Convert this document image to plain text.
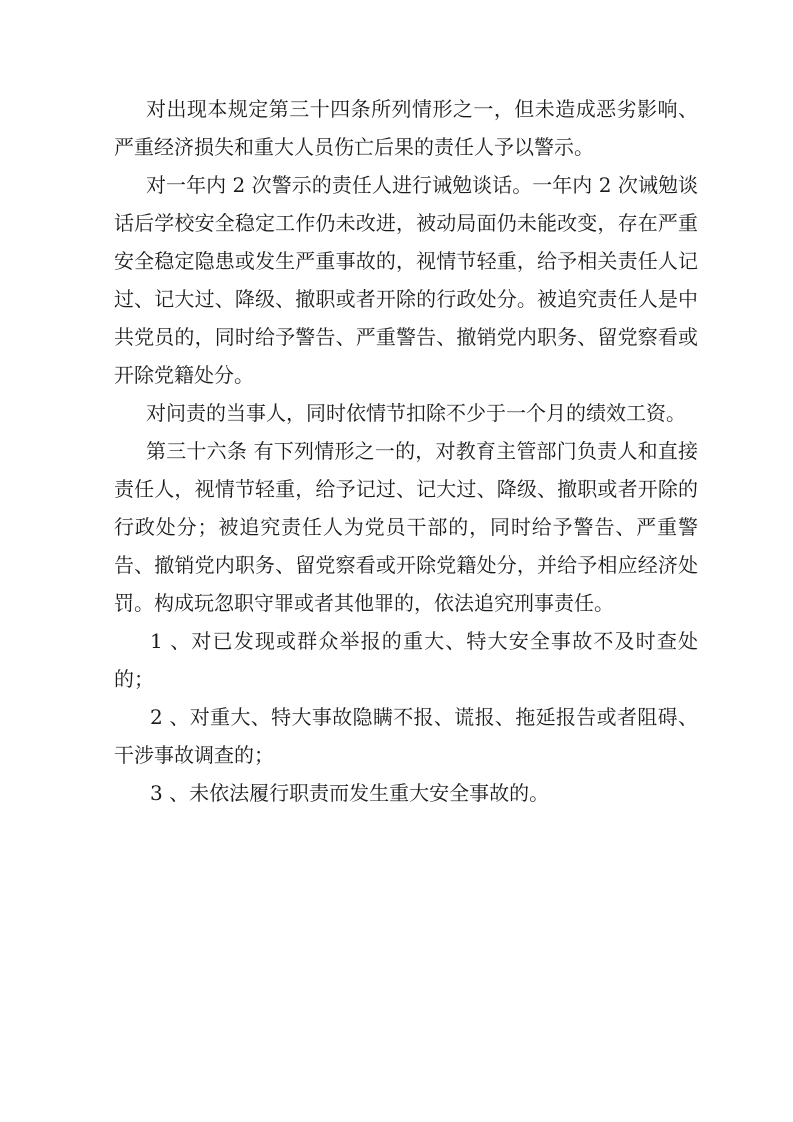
对出现本规定第三十四条所列情形之一，但未造成恶劣影响、严重经济损失和重大人员伤亡后果的责任人予以警示。

对一年内 2 次警示的责任人进行诫勉谈话。一年内 2 次诫勉谈话后学校安全稳定工作仍未改进，被动局面仍未能改变，存在严重安全稳定隐患或发生严重事故的，视情节轻重，给予相关责任人记过、记大过、降级、撤职或者开除的行政处分。被追究责任人是中共党员的，同时给予警告、严重警告、撤销党内职务、留党察看或开除党籍处分。

对问责的当事人，同时依情节扣除不少于一个月的绩效工资。

第三十六条 有下列情形之一的，对教育主管部门负责人和直接责任人，视情节轻重，给予记过、记大过、降级、撤职或者开除的行政处分；被追究责任人为党员干部的，同时给予警告、严重警告、撤销党内职务、留党察看或开除党籍处分，并给予相应经济处罚。构成玩忽职守罪或者其他罪的，依法追究刑事责任。

1 、对已发现或群众举报的重大、特大安全事故不及时查处的；

2 、对重大、特大事故隐瞒不报、谎报、拖延报告或者阻碍、干涉事故调查的；

3 、未依法履行职责而发生重大安全事故的。
